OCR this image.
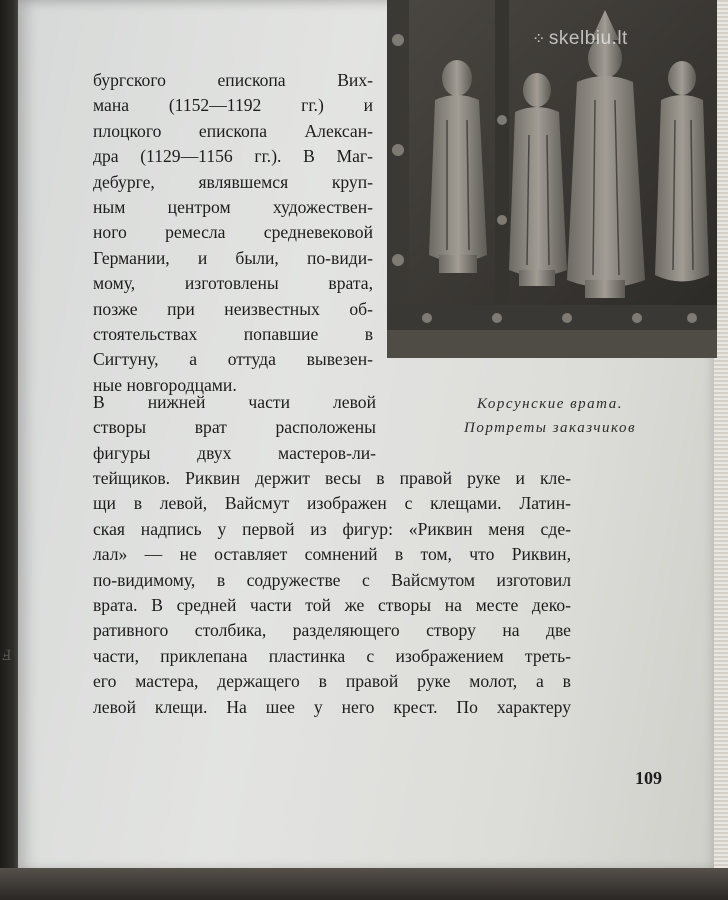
⁘ skelbiu.lt
Корсунские врата.
Портреты заказчиков
бургского епископа Вих-
мана (1152—1192 гг.) и
плоцкого епископа Алексан-
дра (1129—1156 гг.). В Маг-
дебурге, являвшемся круп-
ным центром художествен-
ного ремесла средневековой
Германии, и были, по-види-
мому, изготовлены врата,
позже при неизвестных об-
стоятельствах попавшие в
Сигтуну, а оттуда вывезен-
ные новгородцами.
В нижней части левой
створы врат расположены
фигуры двух мастеров-ли-
тейщиков. Риквин держит весы в правой руке и кле-
щи в левой, Вайсмут изображен с клещами. Латин-
ская надпись у первой из фигур: «Риквин меня сде-
лал» — не оставляет сомнений в том, что Риквин,
по-видимому, в содружестве с Вайсмутом изготовил
врата. В средней части той же створы на месте деко-
ративного столбика, разделяющего створу на две
части, приклепана пластинка с изображением треть-
его мастера, держащего в правой руке молот, а в
левой клещи. На шее у него крест. По характеру
109
Ⅎ
